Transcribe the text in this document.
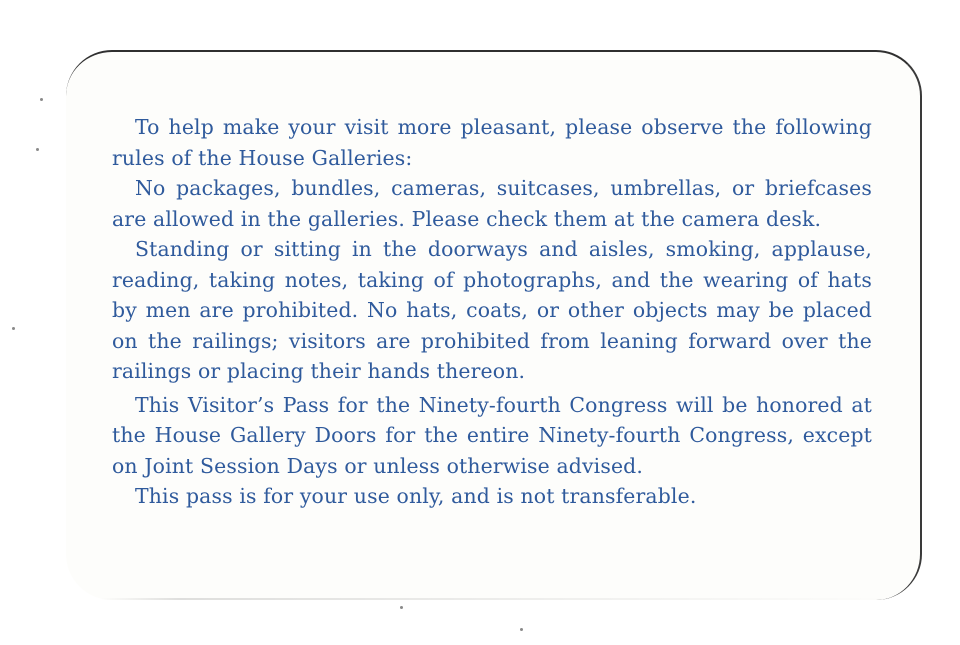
To help make your visit more pleasant, please observe the following rules of the House Galleries:

No packages, bundles, cameras, suitcases, umbrellas, or briefcases are allowed in the galleries. Please check them at the camera desk.

Standing or sitting in the doorways and aisles, smoking, applause, reading, taking notes, taking of photographs, and the wearing of hats by men are prohibited. No hats, coats, or other objects may be placed on the railings; visitors are prohibited from leaning forward over the railings or placing their hands thereon.

This Visitor’s Pass for the Ninety-fourth Congress will be honored at the House Gallery Doors for the entire Ninety-fourth Congress, except on Joint Session Days or unless otherwise advised.

This pass is for your use only, and is not transferable.
